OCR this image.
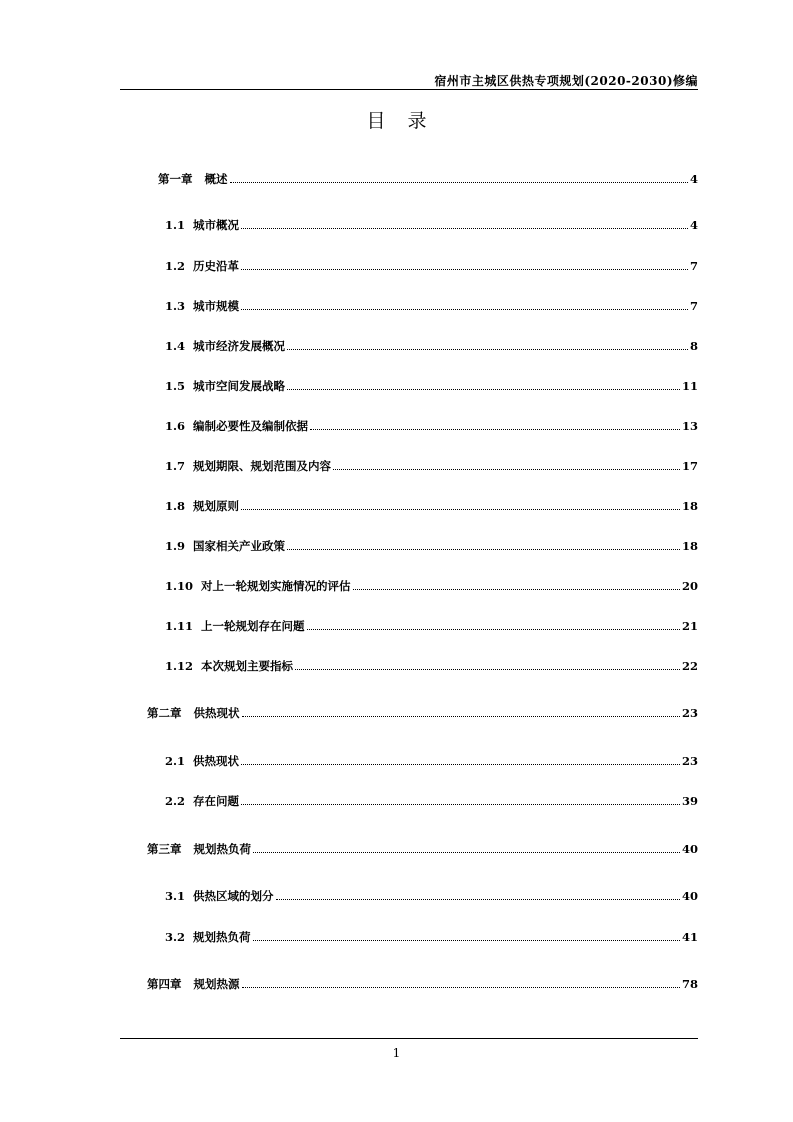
宿州市主城区供热专项规划(2020-2030)修编
目录
第一章   概述	4
1.1  城市概况	4
1.2  历史沿革	7
1.3  城市规模	7
1.4  城市经济发展概况	8
1.5  城市空间发展战略	11
1.6  编制必要性及编制依据	13
1.7  规划期限、规划范围及内容	17
1.8  规划原则	18
1.9  国家相关产业政策	18
1.10  对上一轮规划实施情况的评估	20
1.11  上一轮规划存在问题	21
1.12  本次规划主要指标	22
第二章   供热现状	23
2.1  供热现状	23
2.2  存在问题	39
第三章   规划热负荷	40
3.1  供热区域的划分	40
3.2  规划热负荷	41
第四章   规划热源	78
1
